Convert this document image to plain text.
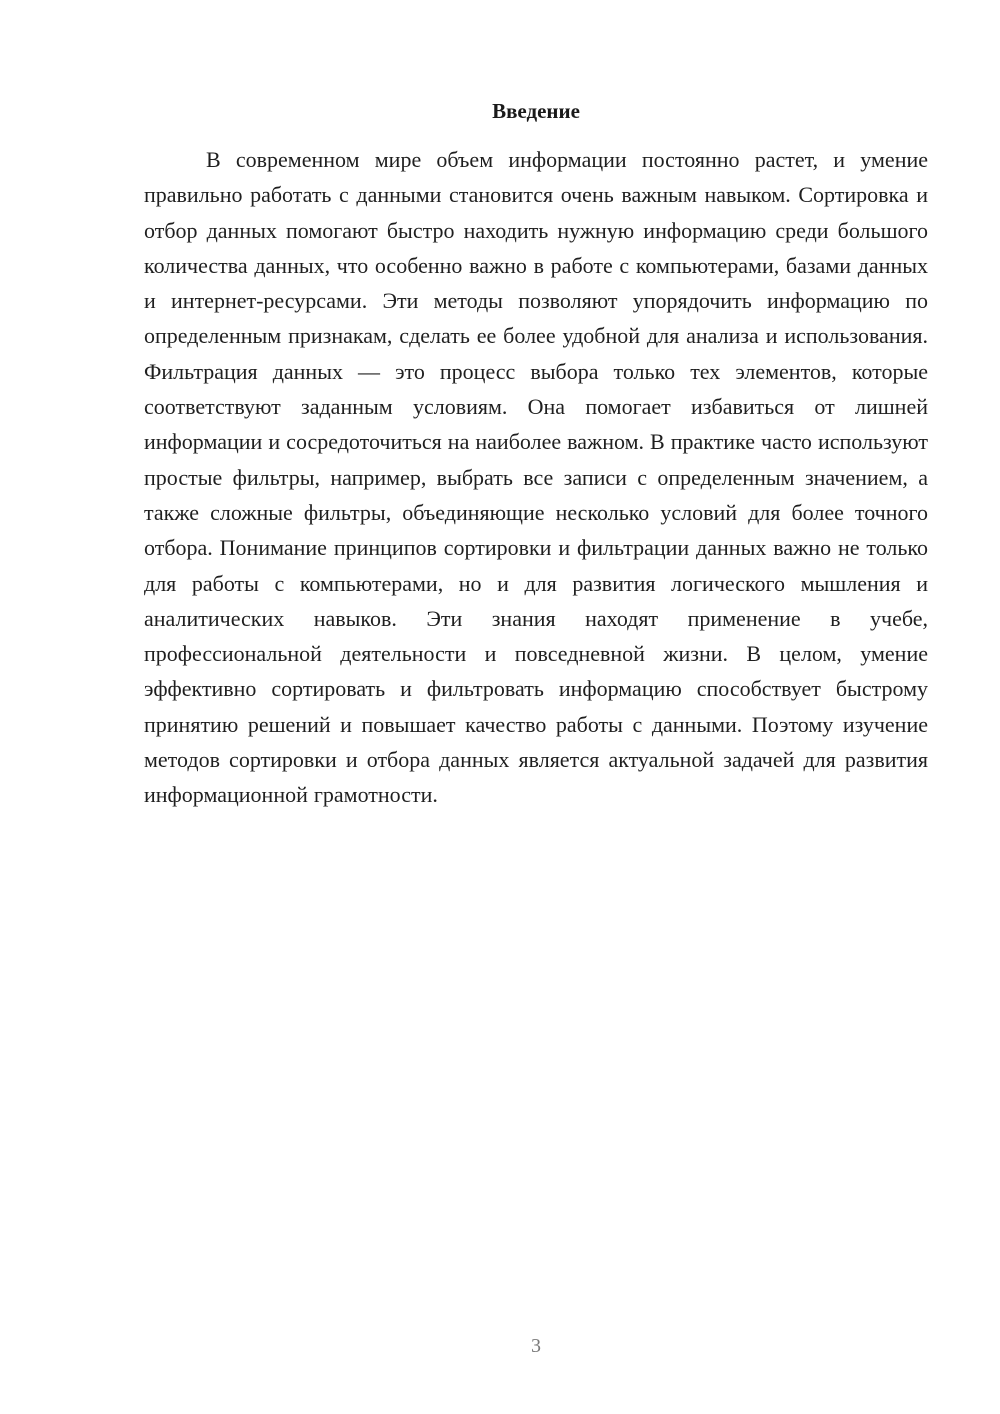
Введение

В современном мире объем информации постоянно растет, и умение правильно работать с данными становится очень важным навыком. Сортировка и отбор данных помогают быстро находить нужную информацию среди большого количества данных, что особенно важно в работе с компьютерами, базами данных и интернет-ресурсами. Эти методы позволяют упорядочить информацию по определенным признакам, сделать ее более удобной для анализа и использования. Фильтрация данных — это процесс выбора только тех элементов, которые соответствуют заданным условиям. Она помогает избавиться от лишней информации и сосредоточиться на наиболее важном. В практике часто используют простые фильтры, например, выбрать все записи с определенным значением, а также сложные фильтры, объединяющие несколько условий для более точного отбора. Понимание принципов сортировки и фильтрации данных важно не только для работы с компьютерами, но и для развития логического мышления и аналитических навыков. Эти знания находят применение в учебе, профессиональной деятельности и повседневной жизни. В целом, умение эффективно сортировать и фильтровать информацию способствует быстрому принятию решений и повышает качество работы с данными. Поэтому изучение методов сортировки и отбора данных является актуальной задачей для развития информационной грамотности.

3
